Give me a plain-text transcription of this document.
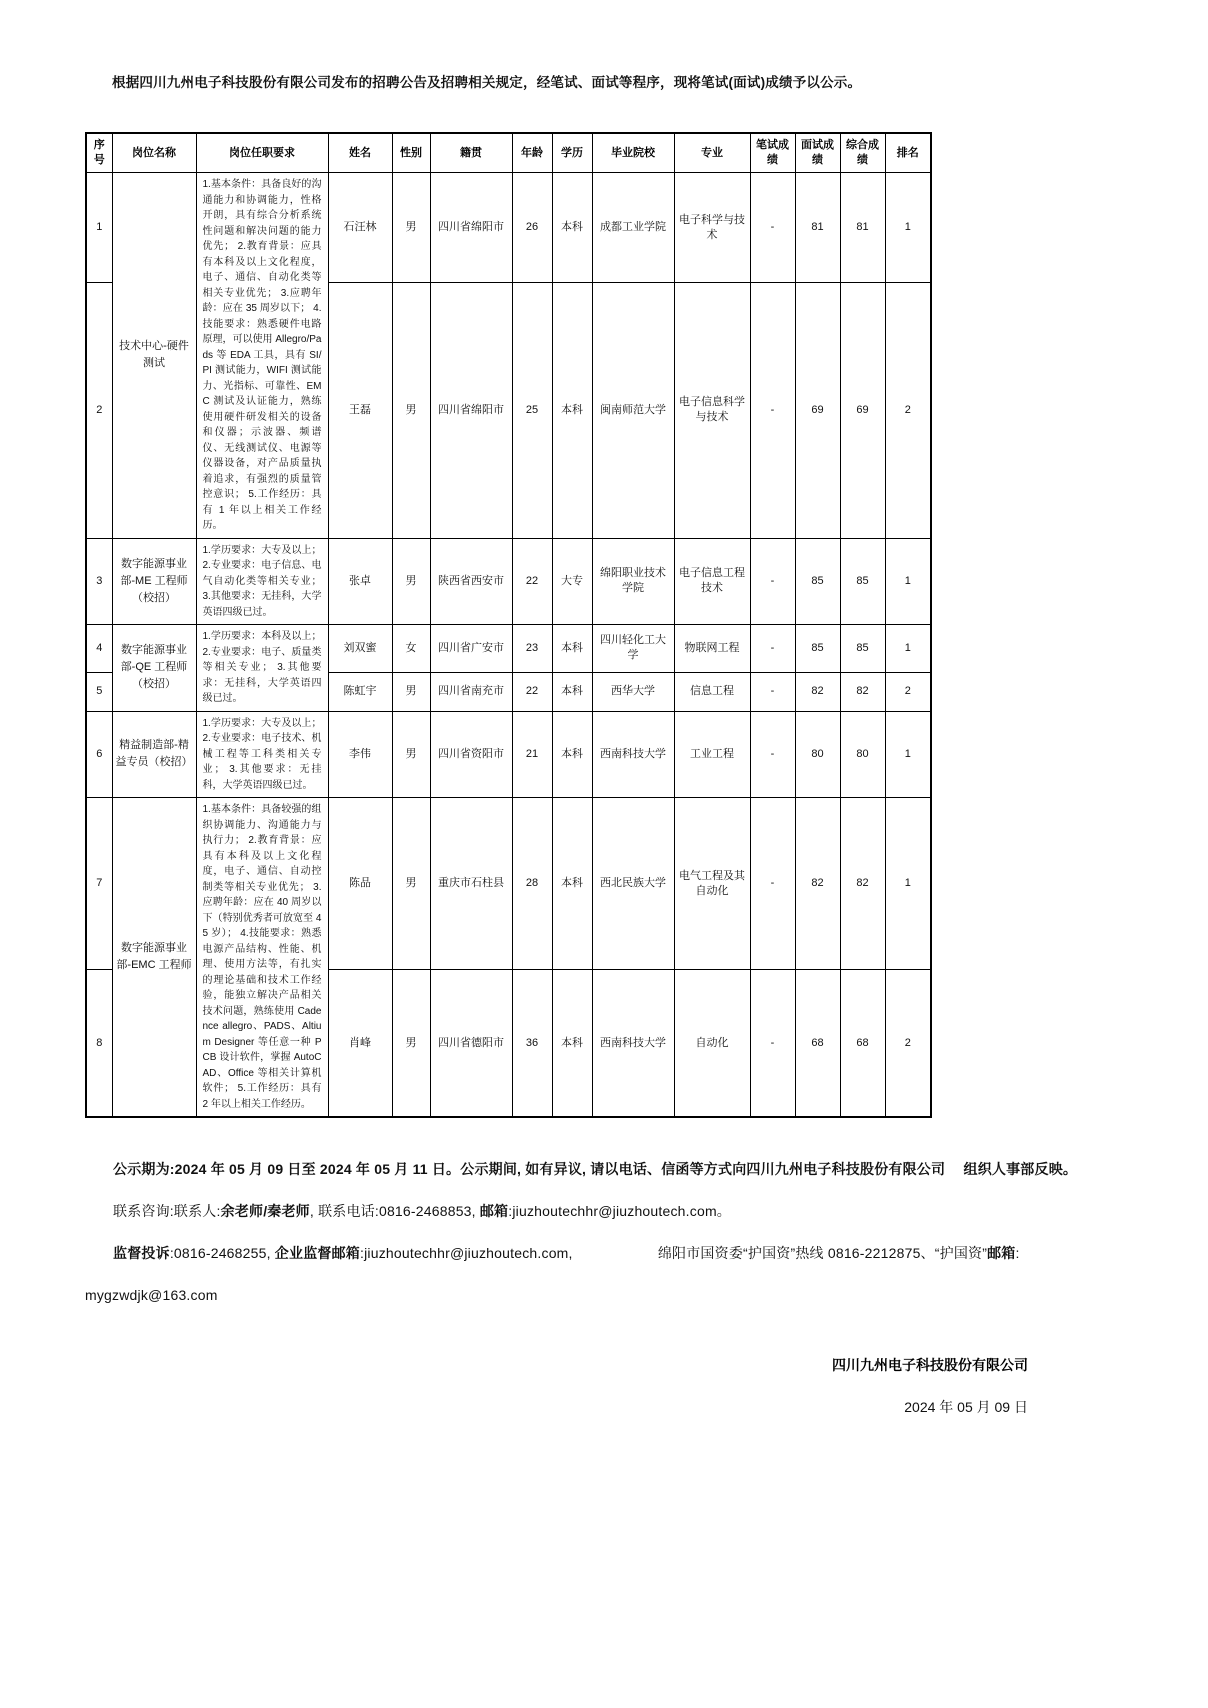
根据四川九州电子科技股份有限公司发布的招聘公告及招聘相关规定，经笔试、面试等程序，现将笔试(面试)成绩予以公示。

序号	岗位名称	岗位任职要求	姓名	性别	籍贯	年龄	学历	毕业院校	专业	笔试成绩	面试成绩	综合成绩	排名
1	技术中心-硬件测试	1.基本条件：具备良好的沟通能力和协调能力，性格开朗，具有综合分析系统性问题和解决问题的能力优先； 2.教育背景：应具有本科及以上文化程度，电子、通信、自动化类等相关专业优先； 3.应聘年龄：应在 35 周岁以下； 4.技能要求：熟悉硬件电路原理，可以使用 Allegro/Pads 等 EDA 工具，具有 SI/PI 测试能力，WIFI 测试能力、光指标、可靠性、EMC 测试及认证能力，熟练使用硬件研发相关的设备和仪器；示波器、频谱仪、无线测试仪、电源等仪器设备，对产品质量执着追求，有强烈的质量管控意识； 5.工作经历：具有 1 年以上相关工作经历。	石汪林	男	四川省绵阳市	26	本科	成都工业学院	电子科学与技术	-	81	81	1
2			王磊	男	四川省绵阳市	25	本科	闽南师范大学	电子信息科学与技术	-	69	69	2
3	数字能源事业部-ME 工程师（校招）	1.学历要求：大专及以上； 2.专业要求：电子信息、电气自动化类等相关专业； 3.其他要求：无挂科，大学英语四级已过。	张卓	男	陕西省西安市	22	大专	绵阳职业技术学院	电子信息工程技术	-	85	85	1
4	数字能源事业部-QE 工程师（校招）	1.学历要求：本科及以上； 2.专业要求：电子、质量类等相关专业； 3.其他要求：无挂科，大学英语四级已过。	刘双蜜	女	四川省广安市	23	本科	四川轻化工大学	物联网工程	-	85	85	1
5			陈虹宇	男	四川省南充市	22	本科	西华大学	信息工程	-	82	82	2
6	精益制造部-精益专员（校招）	1.学历要求：大专及以上； 2.专业要求：电子技术、机械工程等工科类相关专业； 3.其他要求：无挂科，大学英语四级已过。	李伟	男	四川省资阳市	21	本科	西南科技大学	工业工程	-	80	80	1
7	数字能源事业部-EMC 工程师	1.基本条件：具备较强的组织协调能力、沟通能力与执行力； 2.教育背景：应具有本科及以上文化程度，电子、通信、自动控制类等相关专业优先； 3.应聘年龄：应在 40 周岁以下（特别优秀者可放宽至 45 岁）； 4.技能要求：熟悉电源产品结构、性能、机理、使用方法等，有扎实的理论基础和技术工作经验，能独立解决产品相关技术问题，熟练使用 Cadence allegro、PADS、Altium Designer 等任意一种 PCB 设计软件，掌握 AutoCAD、Office 等相关计算机软件； 5.工作经历：具有 2 年以上相关工作经历。	陈品	男	重庆市石柱县	28	本科	西北民族大学	电气工程及其自动化	-	82	82	1
8			肖峰	男	四川省德阳市	36	本科	西南科技大学	自动化	-	68	68	2

公示期为:2024 年 05 月 09 日至 2024 年 05 月 11 日。公示期间, 如有异议, 请以电话、信函等方式向四川九州电子科技股份有限公司　 组织人事部反映。

联系咨询:联系人:余老师/秦老师, 联系电话:0816-2468853, 邮箱:jiuzhoutechhr@jiuzhoutech.com。

监督投诉:0816-2468255, 企业监督邮箱:jiuzhoutechhr@jiuzhoutech.com,　　　　　　绵阳市国资委“护国资”热线 0816-2212875、“护国资”邮箱:

mygzwdjk@163.com

四川九州电子科技股份有限公司
2024 年 05 月 09 日
